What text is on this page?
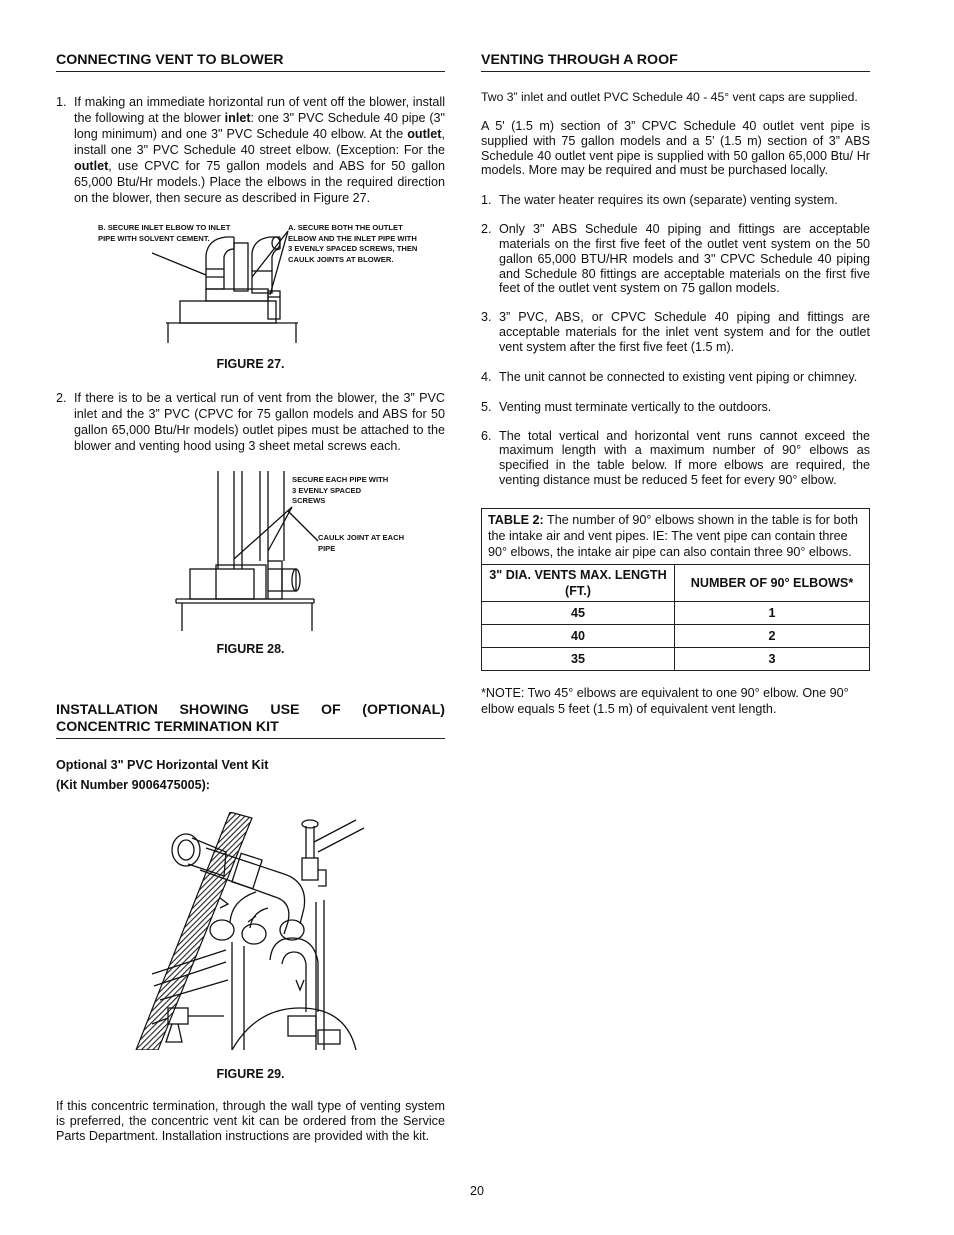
CONNECTING VENT TO BLOWER

1. If making an immediate horizontal run of vent off the blower, install the following at the blower inlet: one 3" PVC Schedule 40 pipe (3" long minimum) and one 3" PVC Schedule 40 elbow. At the outlet, install one 3" PVC Schedule 40 street elbow. (Exception: For the outlet, use CPVC for 75 gallon models and ABS for 50 gallon 65,000 Btu/Hr models.) Place the elbows in the required direction on the blower, then secure as described in Figure 27.

B. SECURE INLET ELBOW TO INLET PIPE WITH SOLVENT CEMENT.
A. SECURE BOTH THE OUTLET ELBOW AND THE INLET PIPE WITH 3 EVENLY SPACED SCREWS, THEN CAULK JOINTS AT BLOWER.
FIGURE 27.

2. If there is to be a vertical run of vent from the blower, the 3” PVC inlet and the 3” PVC (CPVC for 75 gallon models and ABS for 50 gallon 65,000 Btu/Hr models) outlet pipes must be attached to the blower and venting hood using 3 sheet metal screws each.

SECURE EACH PIPE WITH 3 EVENLY SPACED SCREWS
CAULK JOINT AT EACH PIPE
FIGURE 28.
INSTALLATION SHOWING USE OF (OPTIONAL) CONCENTRIC TERMINATION KIT

Optional 3" PVC Horizontal Vent Kit

(Kit Number 9006475005):

FIGURE 29.

If this concentric termination, through the wall type of venting system is preferred, the concentric vent kit can be ordered from the Service Parts Department. Installation instructions are provided with the kit.

VENTING THROUGH A ROOF

Two 3” inlet and outlet PVC Schedule 40 - 45° vent caps are supplied.

A 5' (1.5 m) section of 3” CPVC Schedule 40 outlet vent pipe is supplied with 75 gallon models and a 5' (1.5 m) section of 3” ABS Schedule 40 outlet vent pipe is supplied with 50 gallon 65,000 Btu/ Hr models. More may be required and must be purchased locally.

1. The water heater requires its own (separate) venting system.

2. Only 3" ABS Schedule 40 piping and fittings are acceptable materials on the first five feet of the outlet vent system on the 50 gallon 65,000 BTU/HR models and 3" CPVC Schedule 40 piping and Schedule 80 fittings are acceptable materials on the first five feet of the outlet vent system on 75 gallon models.

3. 3” PVC, ABS, or CPVC Schedule 40 piping and fittings are acceptable materials for the inlet vent system and for the outlet vent system after the first five feet (1.5 m).

4. The unit cannot be connected to existing vent piping or chimney.

5. Venting must terminate vertically to the outdoors.

6. The total vertical and horizontal vent runs cannot exceed the maximum length with a maximum number of 90° elbows as specified in the table below. If more elbows are required, the venting distance must be reduced 5 feet for every 90° elbow.

TABLE 2: The number of 90° elbows shown in the table is for both the intake air and vent pipes. IE: The vent pipe can contain three 90° elbows, the intake air pipe can also contain three 90° elbows.	
3" DIA. VENTS MAX. LENGTH (FT.)	NUMBER OF 90° ELBOWS*
45	1
40	2
35	3

*NOTE: Two 45° elbows are equivalent to one 90° elbow. One 90° elbow equals 5 feet (1.5 m) of equivalent vent length.

20
